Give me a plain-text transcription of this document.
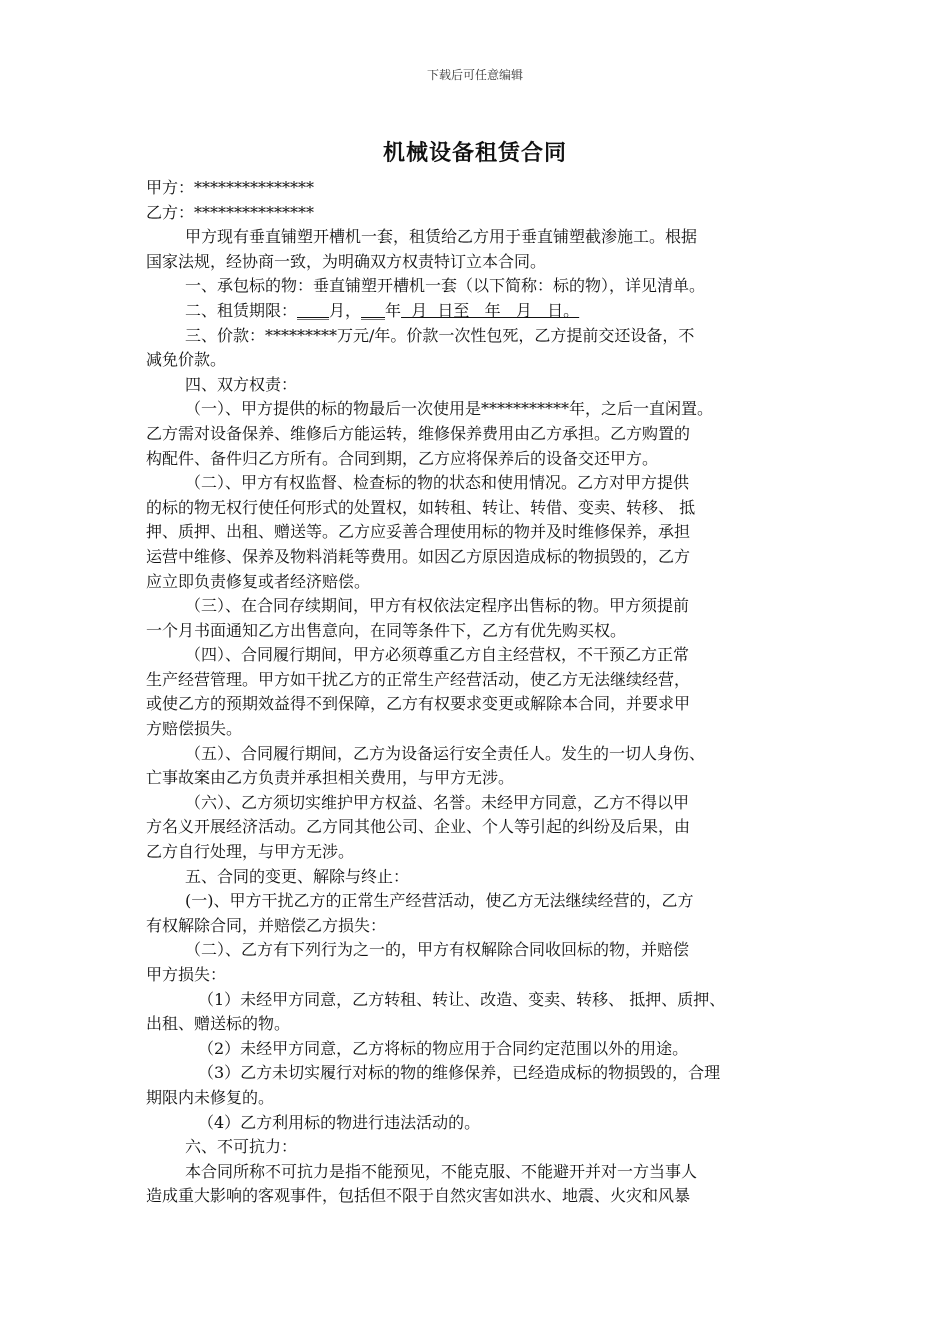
下载后可任意编辑
机械设备租赁合同

甲方：***************

乙方：***************

甲方现有垂直铺塑开槽机一套，租赁给乙方用于垂直铺塑截渗施工。根据

国家法规，经协商一致，为明确双方权责特订立本合同。

一、承包标的物：垂直铺塑开槽机一套（以下简称：标的物），详见清单。

二、租赁期限：____月，___年  月  日至   年   月   日。

三、价款：*********万元/年。价款一次性包死，乙方提前交还设备，不

减免价款。

四、双方权责：

（一）、甲方提供的标的物最后一次使用是***********年，之后一直闲置。

乙方需对设备保养、维修后方能运转，维修保养费用由乙方承担。乙方购置的

构配件、备件归乙方所有。合同到期，乙方应将保养后的设备交还甲方。

（二）、甲方有权监督、检查标的物的状态和使用情况。乙方对甲方提供

的标的物无权行使任何形式的处置权，如转租、转让、转借、变卖、转移、 抵

押、质押、出租、赠送等。乙方应妥善合理使用标的物并及时维修保养，承担

运营中维修、保养及物料消耗等费用。如因乙方原因造成标的物损毁的，乙方

应立即负责修复或者经济赔偿。

（三）、在合同存续期间，甲方有权依法定程序出售标的物。甲方须提前

一个月书面通知乙方出售意向，在同等条件下，乙方有优先购买权。

（四）、合同履行期间，甲方必须尊重乙方自主经营权，不干预乙方正常

生产经营管理。甲方如干扰乙方的正常生产经营活动，使乙方无法继续经营，

或使乙方的预期效益得不到保障，乙方有权要求变更或解除本合同，并要求甲

方赔偿损失。

（五）、合同履行期间，乙方为设备运行安全责任人。发生的一切人身伤、

亡事故案由乙方负责并承担相关费用，与甲方无涉。

（六）、乙方须切实维护甲方权益、名誉。未经甲方同意，乙方不得以甲

方名义开展经济活动。乙方同其他公司、企业、个人等引起的纠纷及后果，由

乙方自行处理，与甲方无涉。

五、合同的变更、解除与终止：

(一)、甲方干扰乙方的正常生产经营活动，使乙方无法继续经营的，乙方

有权解除合同，并赔偿乙方损失：

（二）、乙方有下列行为之一的，甲方有权解除合同收回标的物，并赔偿

甲方损失：

（1）未经甲方同意，乙方转租、转让、改造、变卖、转移、 抵押、质押、

出租、赠送标的物。

（2）未经甲方同意，乙方将标的物应用于合同约定范围以外的用途。

（3）乙方未切实履行对标的物的维修保养，已经造成标的物损毁的，合理

期限内未修复的。

（4）乙方利用标的物进行违法活动的。

六、不可抗力：

本合同所称不可抗力是指不能预见，不能克服、不能避开并对一方当事人

造成重大影响的客观事件，包括但不限于自然灾害如洪水、地震、火灾和风暴
